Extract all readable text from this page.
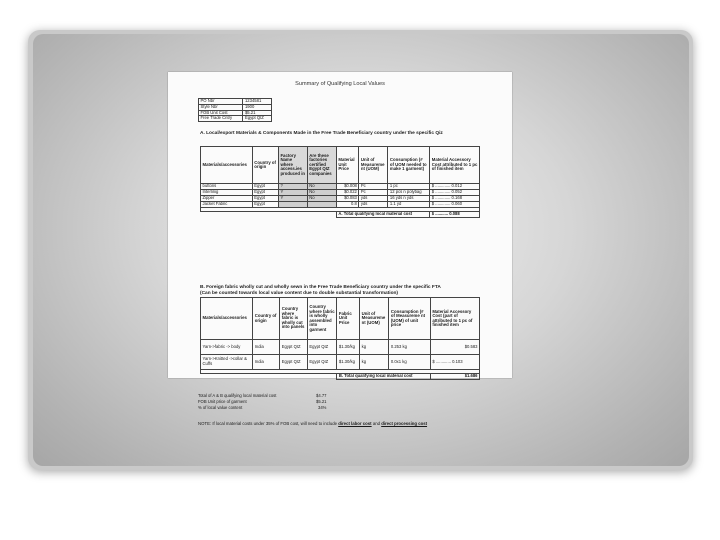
Summary of Qualifying Local Values
PO Nbr	1234581
Style Nbr	1900
FOB Unit Cost	$5.21
Free Trade Cntry	Egypt QIZ
A. Local/export Materials & Components Made in the Free Trade Beneficiary country under the specific Qiz
Materials/accessories	Country of origin	Factory Name where access.ies produced in	Are these factories certified Egypt QIZ companies	Material Unit Price	Unit of Measureme nt (UOM)	Consumption (# of UOM needed to make 1 garment)	Material Accessory Cost attributed to 1 pc of finished item
buttons	Egypt	?	No	$0.008	Pc	1 pc	$ ............. 0.012
Interlinig	Egypt	Y	No	$0.022	Pc	12 pcs n polybag	$ ............. 0.052
Zipper	Egypt	Y	No	$0.083	yds	16 yds n yds	$ ............. 0.168
Jacket Fabric	Egypt			0.8	yds	1.1 yd	$ ............. 0.060

				A. Total qualifying local material cost			$ ........... 0.088
B. Foreign fabric wholly cut and wholly sewn in the Free Trade Beneficiary country under the specific FTA
(Can be counted towards local value content due to double substantial transformation)
Materials/accessories	Country of origin	Country where fabric is wholly cut into panels	Country where fabric is wholly assembled into garment	Fabric Unit Price	Unit of Measureme nt (UOM)	Consumption (# of Measureme nt (UOM) of unit price	Material Accessory Cost (part of attributed to 1 pc of finished item
Yarn->fabric -> body	India	Egypt QIZ	Egypt QIZ	$1.30/kg	kg	0.253 kg	$0.583
Yarn->Knitted ->collar & Cuffs	India	Egypt QIZ	Egypt QIZ	$1.30/kg	kg	0.0x1 kg	$ ............. 0.103

				B. Total qualifying local material cost			$1.686
Total of A & B qualifying local material cost	$4.77
FOB Unit price of garment	$5.21
% of local value content	34%
NOTE: If local material costs under 35% of FOB cost, will need to include direct labor cost and direct processing cost
